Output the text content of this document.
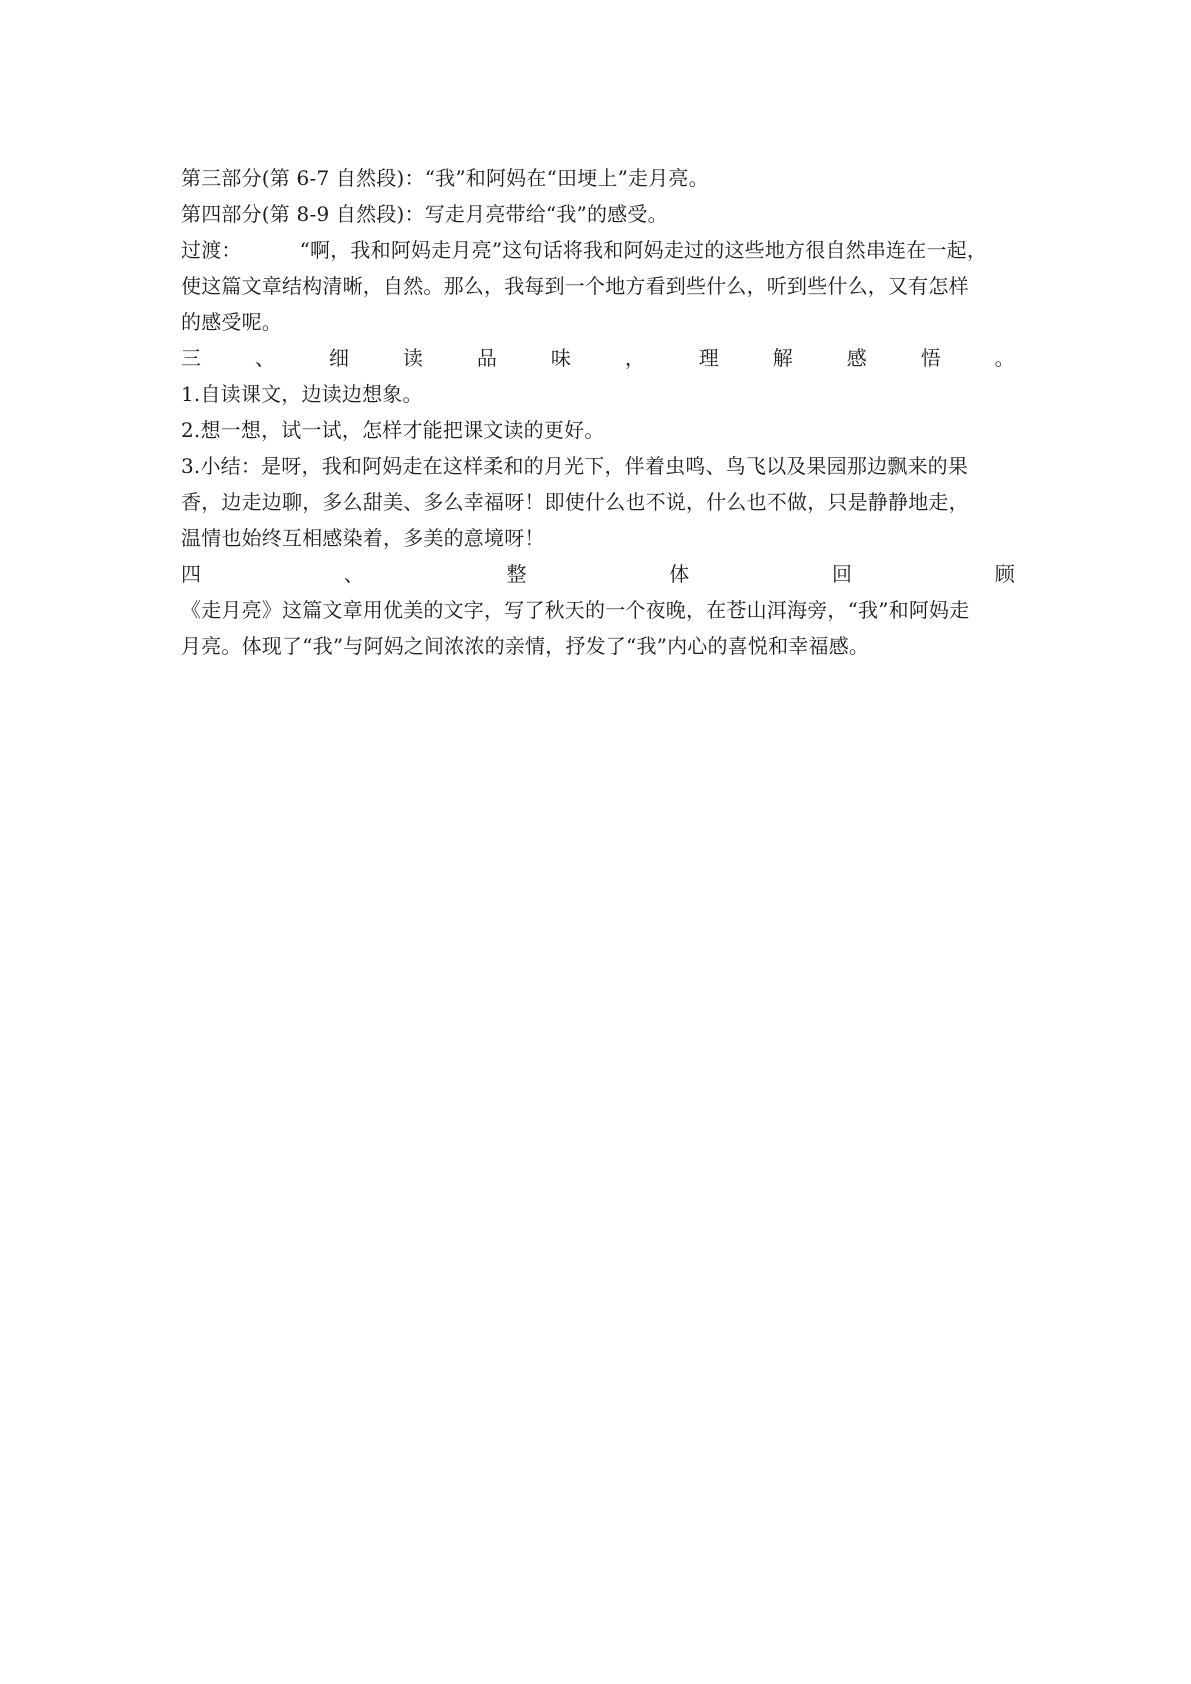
第三部分(第 6-7 自然段)：“我”和阿妈在“田埂上”走月亮。
第四部分(第 8-9 自然段)：写走月亮带给“我”的感受。
过渡：	“啊，我和阿妈走月亮”这句话将我和阿妈走过的这些地方很自然串连在一起，
使这篇文章结构清晰，自然。那么，我每到一个地方看到些什么，听到些什么，又有怎样
的感受呢。
三	、	细	读	品	味	，	理	解	感	悟	。
1.自读课文，边读边想象。
2.想一想，试一试，怎样才能把课文读的更好。
3.小结：是呀，我和阿妈走在这样柔和的月光下，伴着虫鸣、鸟飞以及果园那边飘来的果
香，边走边聊，多么甜美、多么幸福呀！即使什么也不说，什么也不做，只是静静地走，
温情也始终互相感染着，多美的意境呀！
四	、	整	体	回	顾
《走月亮》这篇文章用优美的文字，写了秋天的一个夜晚，在苍山洱海旁，“我”和阿妈走
月亮。体现了“我”与阿妈之间浓浓的亲情，抒发了“我”内心的喜悦和幸福感。
